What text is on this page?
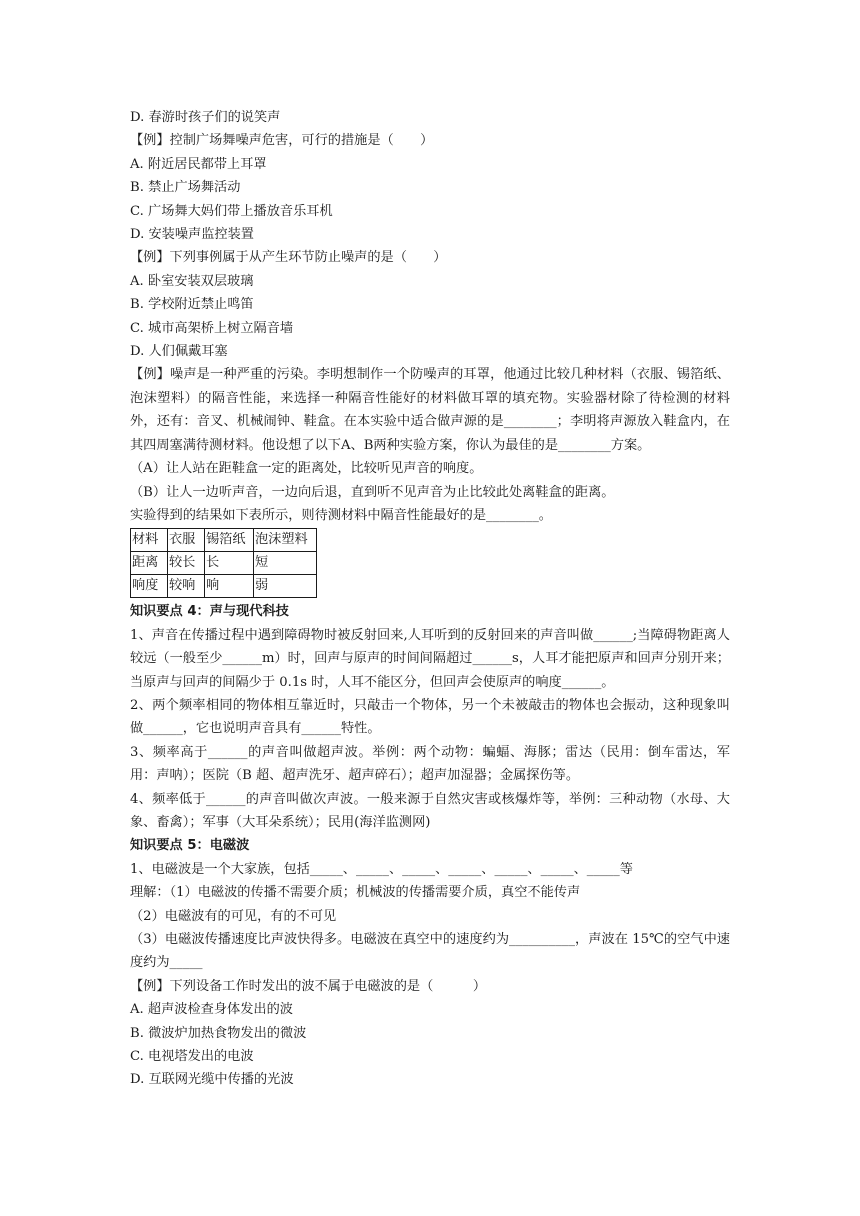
D. 春游时孩子们的说笑声
【例】控制广场舞噪声危害，可行的措施是（　　）
A. 附近居民都带上耳罩
B. 禁止广场舞活动
C. 广场舞大妈们带上播放音乐耳机
D. 安装噪声监控装置
【例】下列事例属于从产生环节防止噪声的是（　　）
A. 卧室安装双层玻璃
B. 学校附近禁止鸣笛
C. 城市高架桥上树立隔音墙
D. 人们佩戴耳塞
【例】噪声是一种严重的污染。李明想制作一个防噪声的耳罩，他通过比较几种材料（衣服、锡箔纸、泡沫塑料）的隔音性能，来选择一种隔音性能好的材料做耳罩的填充物。实验器材除了待检测的材料外，还有：音叉、机械闹钟、鞋盒。在本实验中适合做声源的是________；李明将声源放入鞋盒内，在其四周塞满待测材料。他设想了以下A、B两种实验方案，你认为最佳的是________方案。
（A）让人站在距鞋盒一定的距离处，比较听见声音的响度。
（B）让人一边听声音，一边向后退，直到听不见声音为止比较此处离鞋盒的距离。
实验得到的结果如下表所示，则待测材料中隔音性能最好的是________。
材料	衣服	锡箔纸	泡沫塑料
距离	较长	长	短
响度	较响	响	弱
知识要点 4：声与现代科技
1、声音在传播过程中遇到障碍物时被反射回来,人耳听到的反射回来的声音叫做______;当障碍物距离人较远（一般至少______m）时，回声与原声的时间间隔超过______s，人耳才能把原声和回声分别开来；当原声与回声的间隔少于 0.1s 时，人耳不能区分，但回声会使原声的响度______。
2、两个频率相同的物体相互靠近时，只敲击一个物体，另一个未被敲击的物体也会振动，这种现象叫做______，它也说明声音具有______特性。
3、频率高于______的声音叫做超声波。举例：两个动物：蝙蝠、海豚；雷达（民用：倒车雷达，军用：声呐）；医院（B 超、超声洗牙、超声碎石）；超声加湿器；金属探伤等。
4、频率低于______的声音叫做次声波。一般来源于自然灾害或核爆炸等，举例：三种动物（水母、大象、畜禽）；军事（大耳朵系统）；民用(海洋监测网)
知识要点 5：电磁波
1、电磁波是一个大家族，包括_____、_____、_____、_____、_____、_____、_____等
理解：（1）电磁波的传播不需要介质；机械波的传播需要介质，真空不能传声
（2）电磁波有的可见，有的不可见
（3）电磁波传播速度比声波快得多。电磁波在真空中的速度约为__________，声波在 15℃的空气中速度约为_____
【例】下列设备工作时发出的波不属于电磁波的是（　　　）
A. 超声波检查身体发出的波
B. 微波炉加热食物发出的微波
C. 电视塔发出的电波
D. 互联网光缆中传播的光波
